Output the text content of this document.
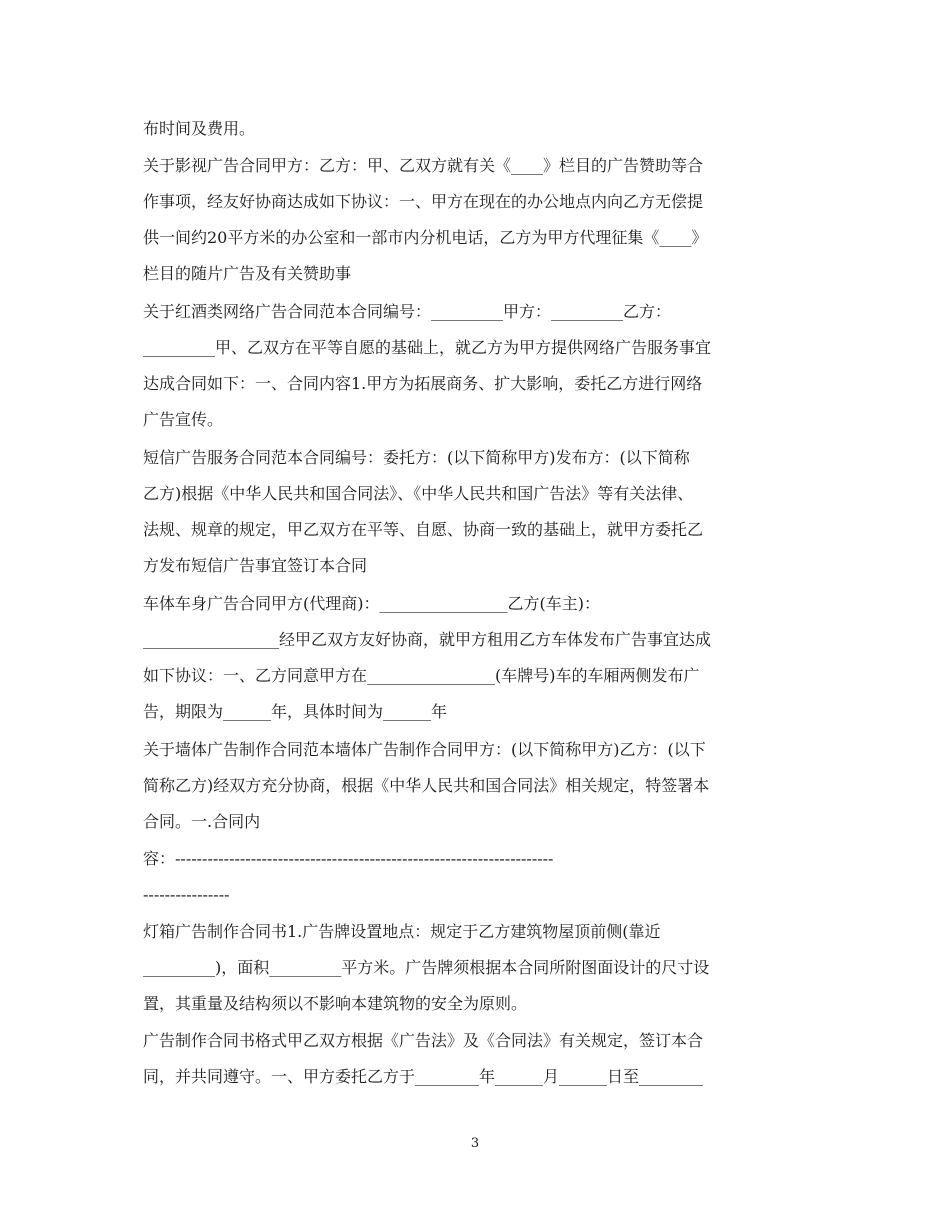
布时间及费用。
关于影视广告合同甲方：乙方：甲、乙双方就有关《____》栏目的广告赞助等合
作事项，经友好协商达成如下协议：一、甲方在现在的办公地点内向乙方无偿提
供一间约20平方米的办公室和一部市内分机电话，乙方为甲方代理征集《____》
栏目的随片广告及有关赞助事
关于红酒类网络广告合同范本合同编号：_________甲方：_________乙方：
_________甲、乙双方在平等自愿的基础上，就乙方为甲方提供网络广告服务事宜
达成合同如下：一、合同内容1.甲方为拓展商务、扩大影响，委托乙方进行网络
广告宣传。
短信广告服务合同范本合同编号：委托方：(以下简称甲方)发布方：(以下简称
乙方)根据《中华人民共和国合同法》、《中华人民共和国广告法》等有关法律、
法规、规章的规定，甲乙双方在平等、自愿、协商一致的基础上，就甲方委托乙
方发布短信广告事宜签订本合同
车体车身广告合同甲方(代理商)：________________乙方(车主)：
_________________经甲乙双方友好协商，就甲方租用乙方车体发布广告事宜达成
如下协议：一、乙方同意甲方在________________(车牌号)车的车厢两侧发布广
告，期限为______年，具体时间为______年
关于墙体广告制作合同范本墙体广告制作合同甲方：(以下简称甲方)乙方：(以下
简称乙方)经双方充分协商，根据《中华人民共和国合同法》相关规定，特签署本
合同。一.合同内
容：----------------------------------------------------------------------
----------------
灯箱广告制作合同书1.广告牌设置地点：规定于乙方建筑物屋顶前侧(靠近
_________)，面积_________平方米。广告牌须根据本合同所附图面设计的尺寸设
置，其重量及结构须以不影响本建筑物的安全为原则。
广告制作合同书格式甲乙双方根据《广告法》及《合同法》有关规定，签订本合
同，并共同遵守。一、甲方委托乙方于________年______月______日至________
3
